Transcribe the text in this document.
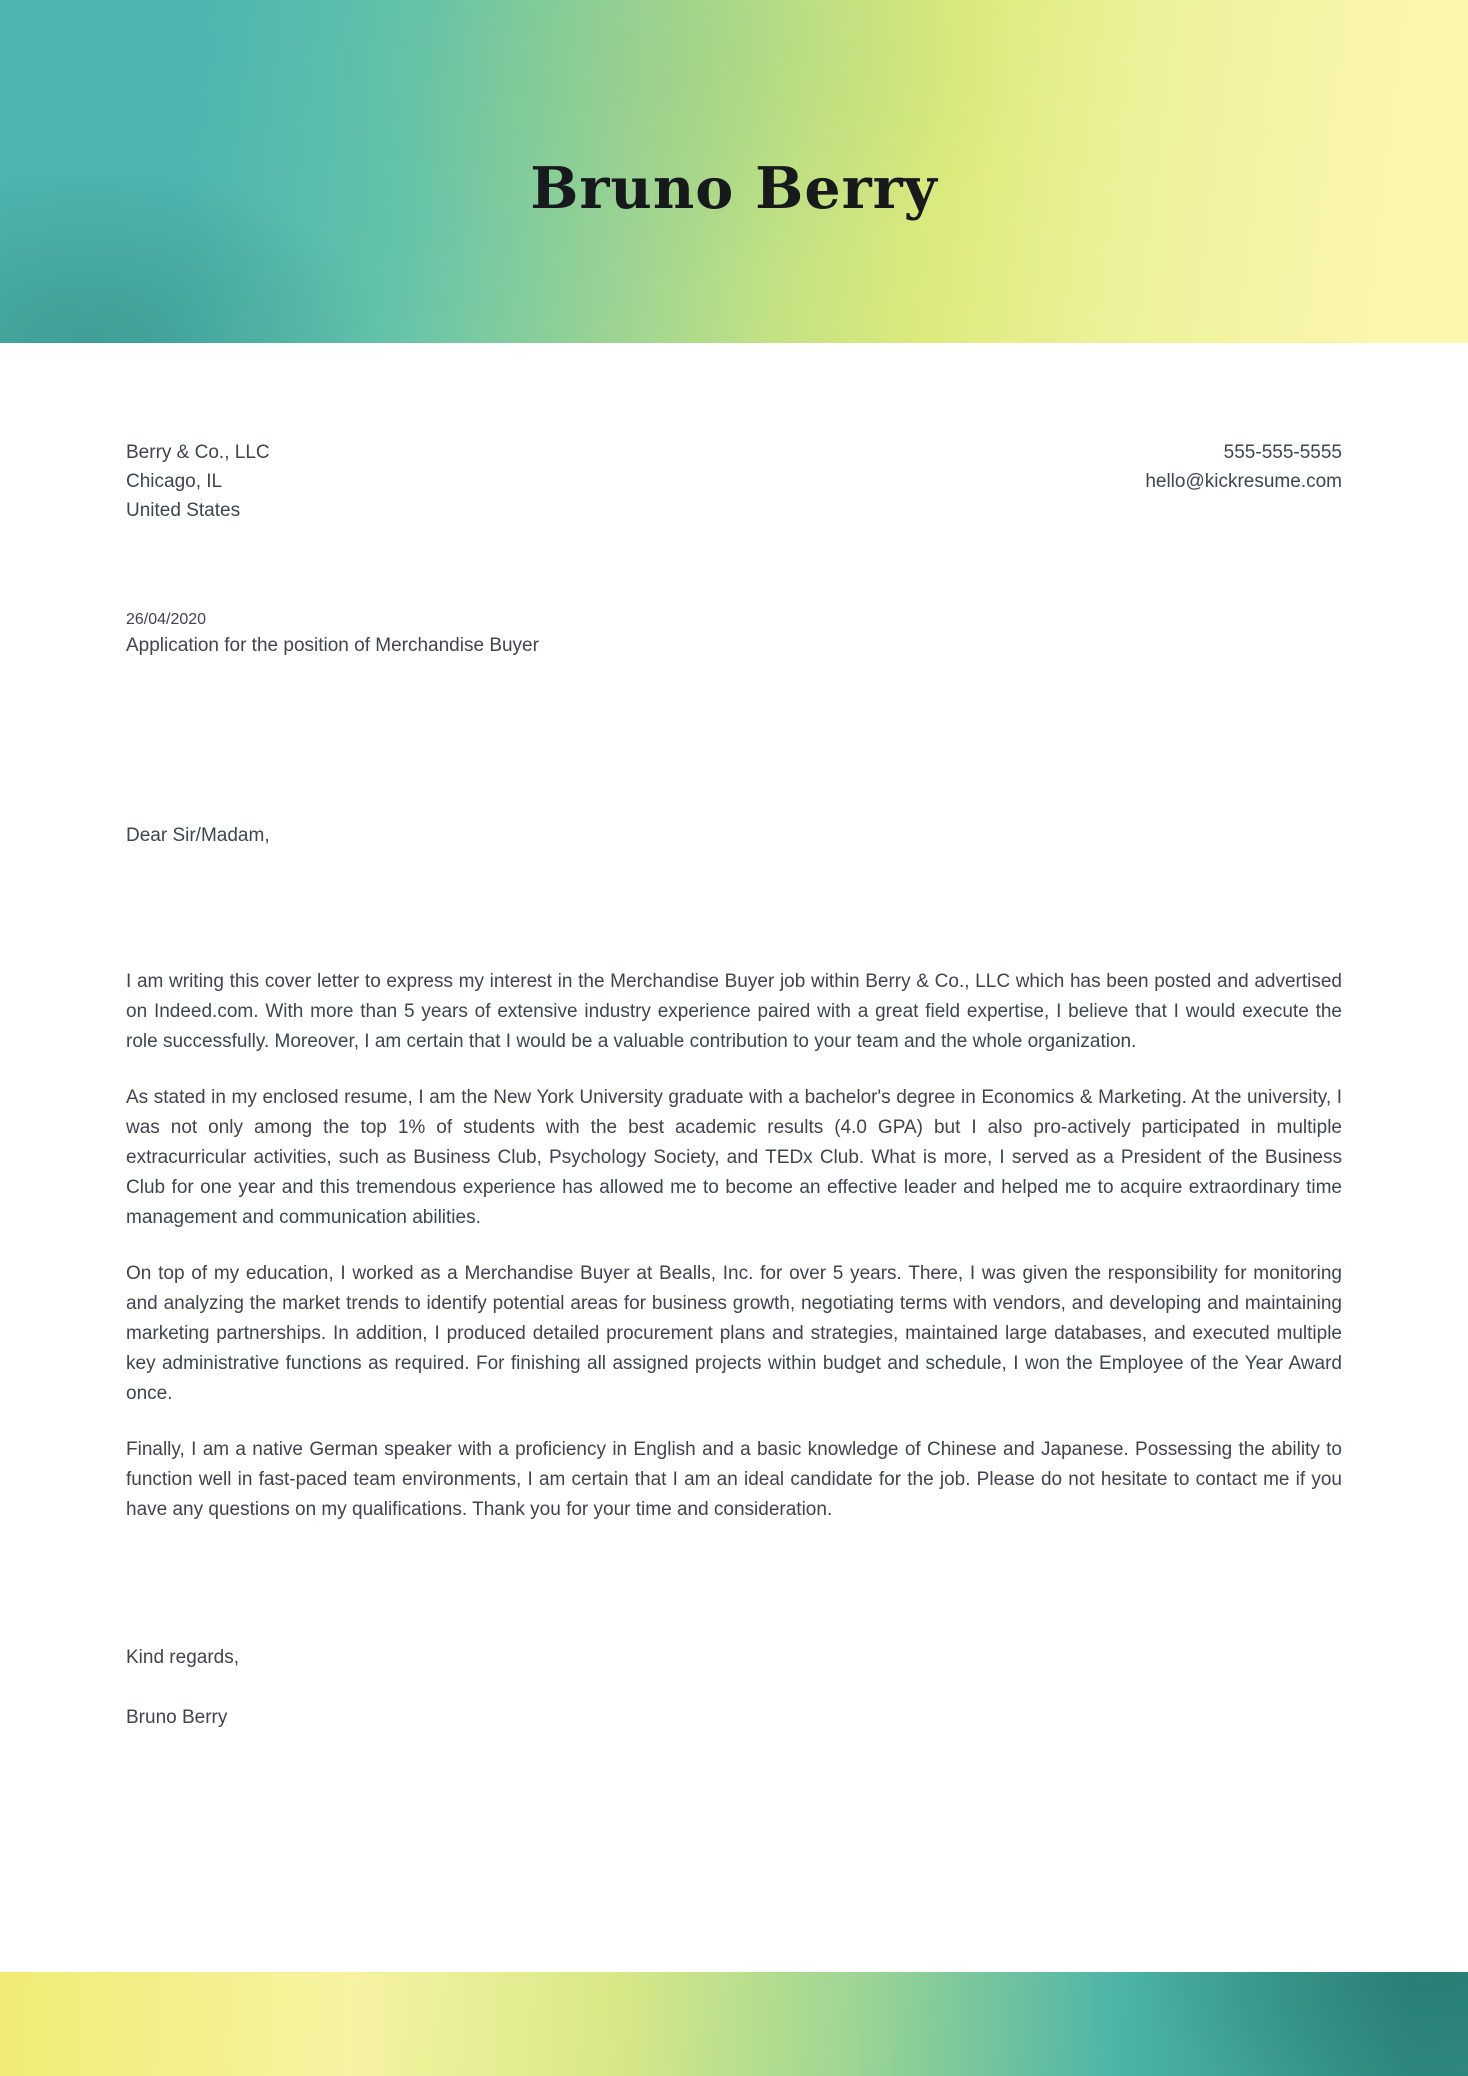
Bruno Berry
Berry & Co., LLC
Chicago, IL
United States
555-555-5555
hello@kickresume.com
26/04/2020
Application for the position of Merchandise Buyer

Dear Sir/Madam,

I am writing this cover letter to express my interest in the Merchandise Buyer job within Berry & Co., LLC which has been posted and advertised on Indeed.com. With more than 5 years of extensive industry experience paired with a great field expertise, I believe that I would execute the role successfully. Moreover, I am certain that I would be a valuable contribution to your team and the whole organization.

As stated in my enclosed resume, I am the New York University graduate with a bachelor's degree in Economics & Marketing. At the university, I was not only among the top 1% of students with the best academic results (4.0 GPA) but I also pro-actively participated in multiple extracurricular activities, such as Business Club, Psychology Society, and TEDx Club. What is more, I served as a President of the Business Club for one year and this tremendous experience has allowed me to become an effective leader and helped me to acquire extraordinary time management and communication abilities.

On top of my education, I worked as a Merchandise Buyer at Bealls, Inc. for over 5 years. There, I was given the responsibility for monitoring and analyzing the market trends to identify potential areas for business growth, negotiating terms with vendors, and developing and maintaining marketing partnerships. In addition, I produced detailed procurement plans and strategies, maintained large databases, and executed multiple key administrative functions as required. For finishing all assigned projects within budget and schedule, I won the Employee of the Year Award once.

Finally, I am a native German speaker with a proficiency in English and a basic knowledge of Chinese and Japanese. Possessing the ability to function well in fast-paced team environments, I am certain that I am an ideal candidate for the job. Please do not hesitate to contact me if you have any questions on my qualifications. Thank you for your time and consideration.

Kind regards,

Bruno Berry
